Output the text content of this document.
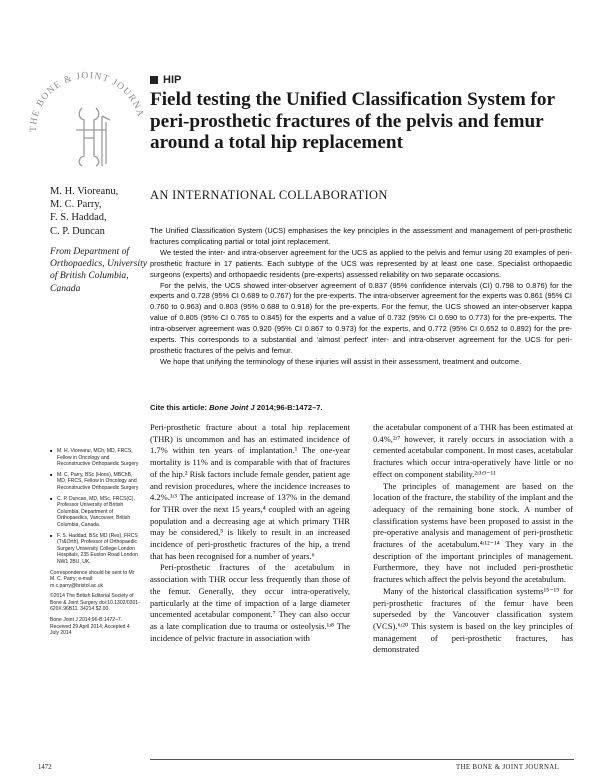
THE BONE & JOINT JOURN
HIP
Field testing the Unified Classification System for peri-prosthetic fractures of the pelvis and femur around a total hip replacement

AN INTERNATIONAL COLLABORATION

M. H. Vioreanu,
M. C. Parry,
F. S. Haddad,
C. P. Duncan
From Department of Orthopaedics, University of British Columbia, Canada

The Unified Classification System (UCS) emphasises the key principles in the assessment and management of peri-prosthetic fractures complicating partial or total joint replacement.

We tested the inter- and intra-observer agreement for the UCS as applied to the pelvis and femur using 20 examples of peri-prosthetic fracture in 17 patients. Each subtype of the UCS was represented by at least one case. Specialist orthopaedic surgeons (experts) and orthopaedic residents (pre-experts) assessed reliability on two separate occasions.

For the pelvis, the UCS showed inter-observer agreement of 0.837 (95% confidence intervals (CI) 0.798 to 0.876) for the experts and 0.728 (95% CI 0.689 to 0.767) for the pre-experts. The intra-observer agreement for the experts was 0.861 (95% CI 0.760 to 0.963) and 0.803 (95% 0.688 to 0.918) for the pre-experts. For the femur, the UCS showed an inter-observer kappa value of 0.805 (95% CI 0.765 to 0.845) for the experts and a value of 0.732 (95% CI 0.690 to 0.773) for the pre-experts. The intra-observer agreement was 0.920 (95% CI 0.867 to 0.973) for the experts, and 0.772 (95% CI 0.652 to 0.892) for the pre-experts. This corresponds to a substantial and ‘almost perfect’ inter- and intra-observer agreement for the UCS for peri-prosthetic fractures of the pelvis and femur.

We hope that unifying the terminology of these injuries will assist in their assessment, treatment and outcome.

Cite this article: Bone Joint J 2014;96-B:1472–7.
■ M. H. Vioreanu, MCh, MD, FRCS, Fellow in Oncology and Reconstructive Orthopaedic Surgery
■ M. C. Parry, BSc (Hons), MBChB, MD, FRCS, Fellow in Oncology and Reconstructive Orthopaedic Surgery
■ C. P. Duncan, MD, MSc, FRCS(C), Professor University of British Columbia, Department of Orthopaedics, Vancouver, British Columbia, Canada.
■ F. S. Haddad, BSc MD (Res), FRCS (Tr&Orth), Professor of Orthopaedic Surgery University College London Hospitals, 235 Euston Road London NW1 2BU, UK.

Correspondence should be sent to Mr M. C. Parry; e-mail: m.c.parry@bristol.ac.uk

©2014 The British Editorial Society of Bone & Joint Surgery doi:10.1302/0301-620X.96B11. 34214 $2.00

Bone Joint J 2014;96-B:1472–7. Received 29 April 2014; Accepted 4 July 2014

Peri-prosthetic fracture about a total hip replacement (THR) is uncommon and has an estimated incidence of 1.7% within ten years of implantation.¹ The one-year mortality is 11% and is comparable with that of fractures of the hip.² Risk factors include female gender, patient age and revision procedures, where the incidence increases to 4.2%.¹ʴ³ The anticipated increase of 137% in the demand for THR over the next 15 years,⁴ coupled with an ageing population and a decreasing age at which primary THR may be considered,⁵ is likely to result in an increased incidence of peri-prosthetic fractures of the hip, a trend that has been recognised for a number of years.⁶

Peri-prosthetic fractures of the acetabulum in association with THR occur less frequently than those of the femur. Generally, they occur intra-operatively, particularly at the time of impaction of a large diameter uncemented acetabular component.⁷ They can also occur as a late complication due to trauma or osteolysis.¹ʴ⁸ The incidence of pelvic fracture in association with

the acetabular component of a THR has been estimated at 0.4%,²ʴ⁷ however, it rarely occurs in association with a cemented acetabular component. In most cases, acetabular fractures which occur intra-operatively have little or no effect on component stability.²ʴ³ʴ⁹⁻¹¹

The principles of management are based on the location of the fracture, the stability of the implant and the adequacy of the remaining bone stock. A number of classification systems have been proposed to assist in the pre-operative analysis and management of peri-prosthetic fractures of the acetabulum.⁴ʴ¹²⁻¹⁴ They vary in the description of the important principles of management. Furthermore, they have not included peri-prosthetic fractures which affect the pelvis beyond the acetabulum.

Many of the historical classification systems¹⁵⁻¹⁹ for peri-prosthetic fractures of the femur have been superseded by the Vancouver classification system (VCS).⁶ʴ²⁰ This system is based on the key principles of management of peri-prosthetic fractures, has demonstrated

1472	THE BONE & JOINT JOURNAL
